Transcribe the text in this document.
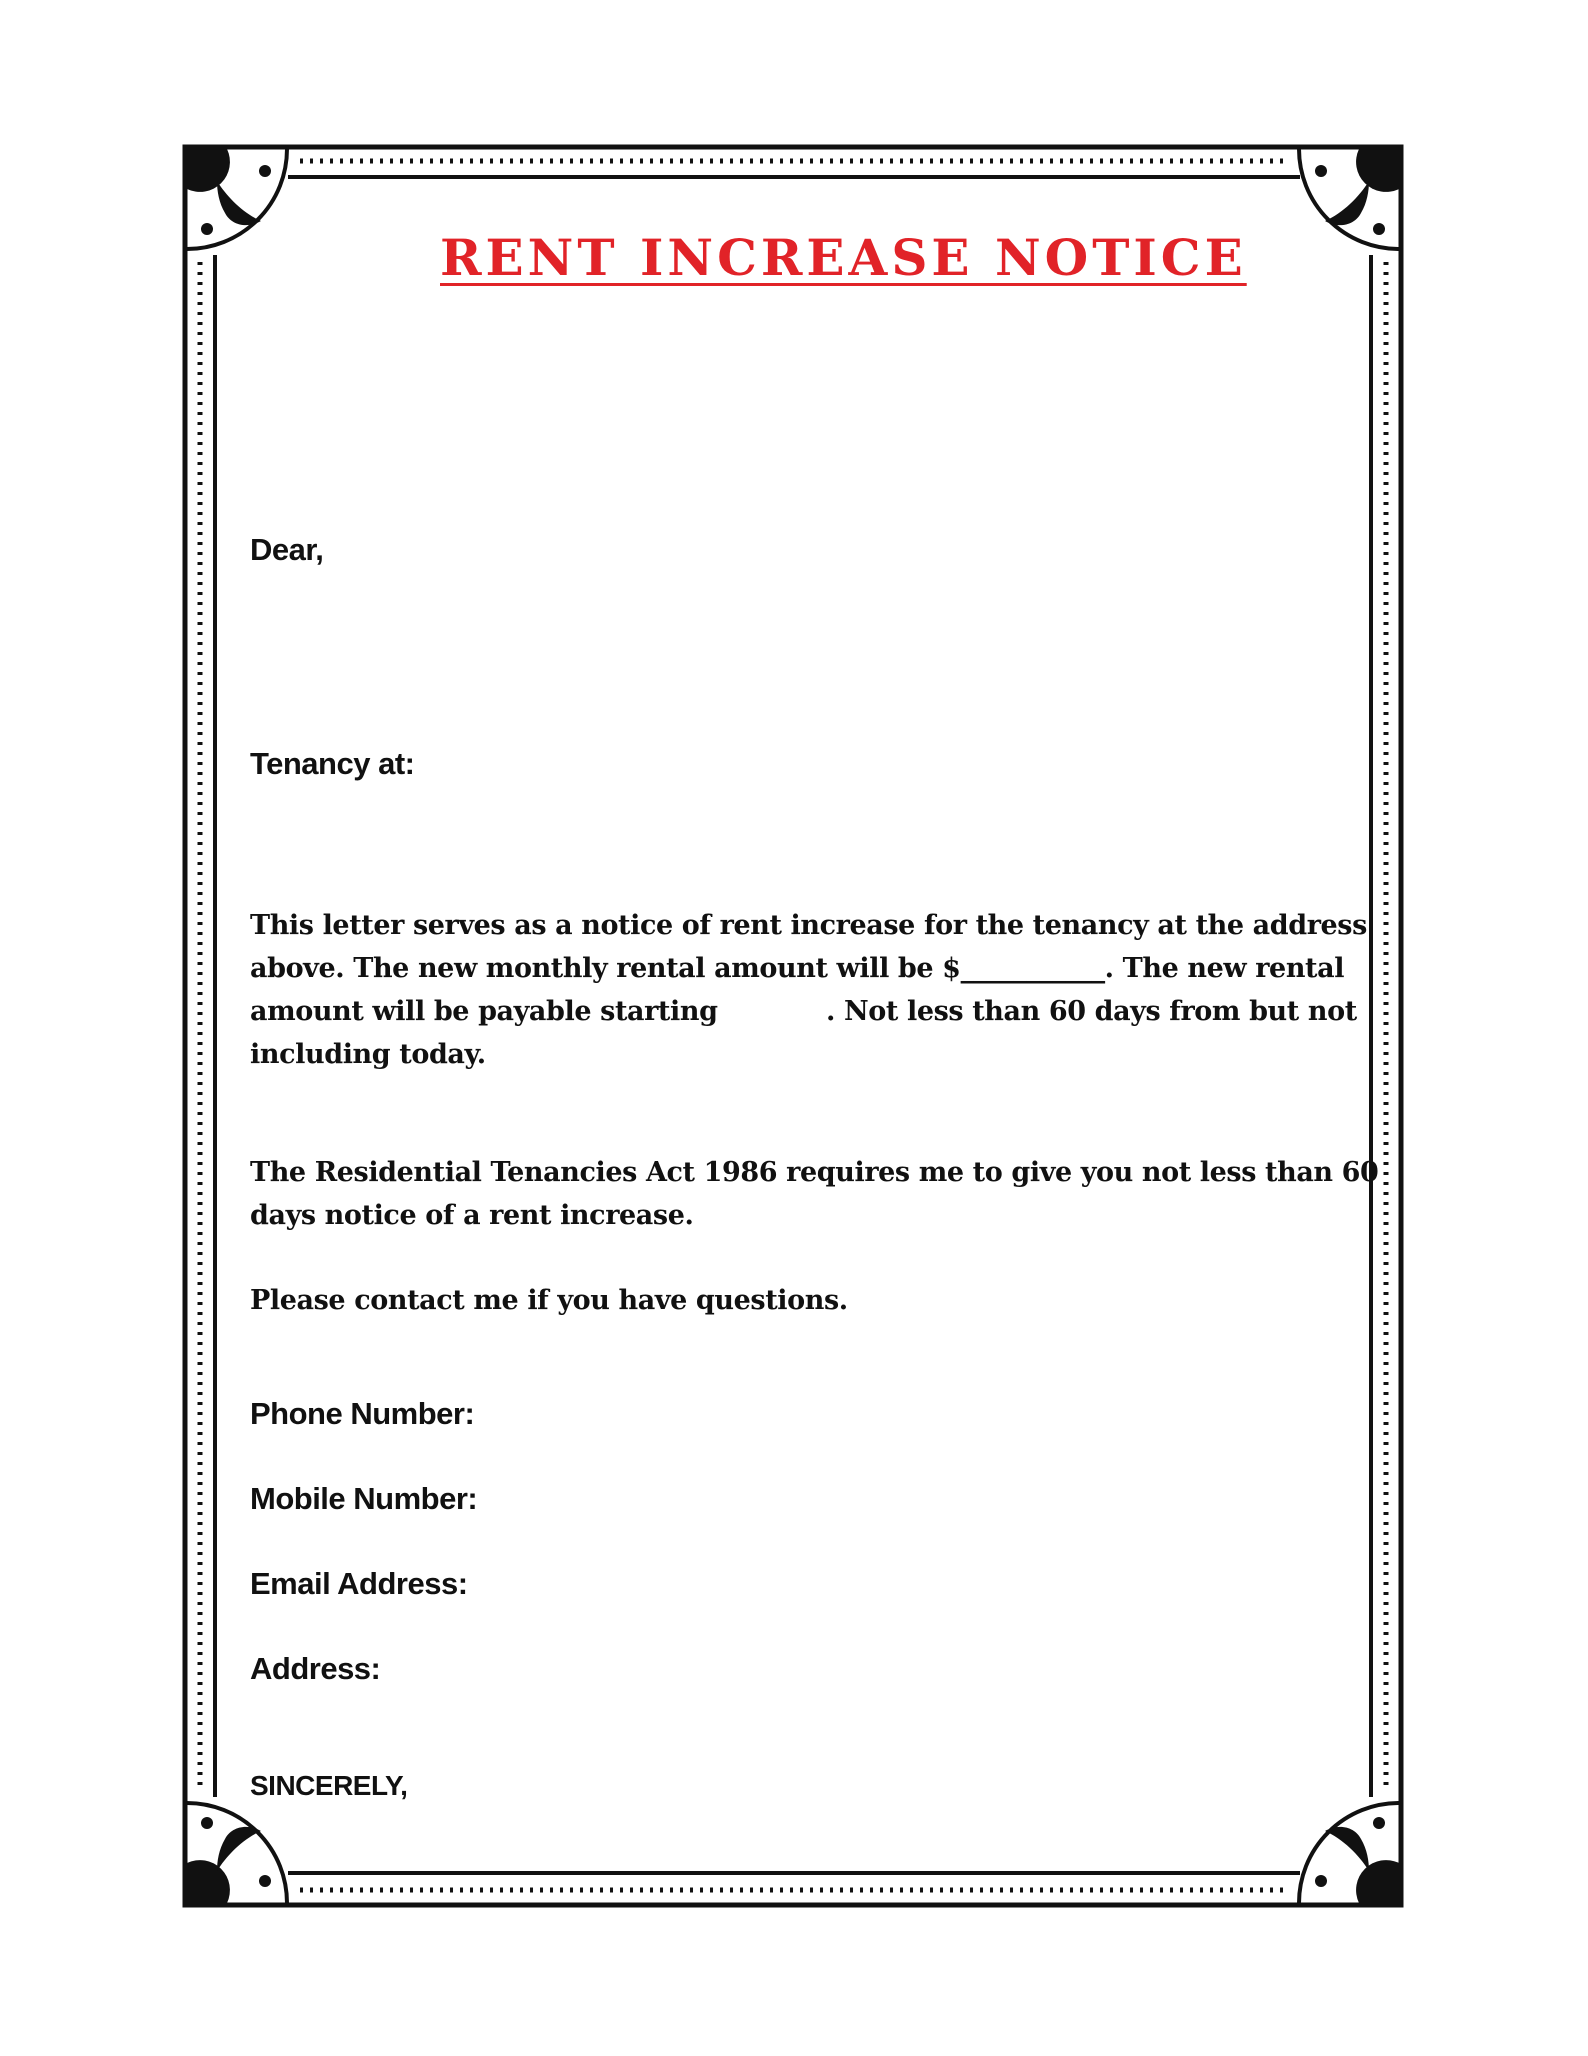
RENT INCREASE NOTICE

Dear,

Tenancy at:

This letter serves as a notice of rent increase for the tenancy at the address
above. The new monthly rental amount will be $___________. The new rental
amount will be payable starting	. Not less than 60 days from but not
including today.
The Residential Tenancies Act 1986 requires me to give you not less than 60
days notice of a rent increase.
Please contact me if you have questions.

Phone Number:

Mobile Number:

Email Address:

Address:

SINCERELY,
